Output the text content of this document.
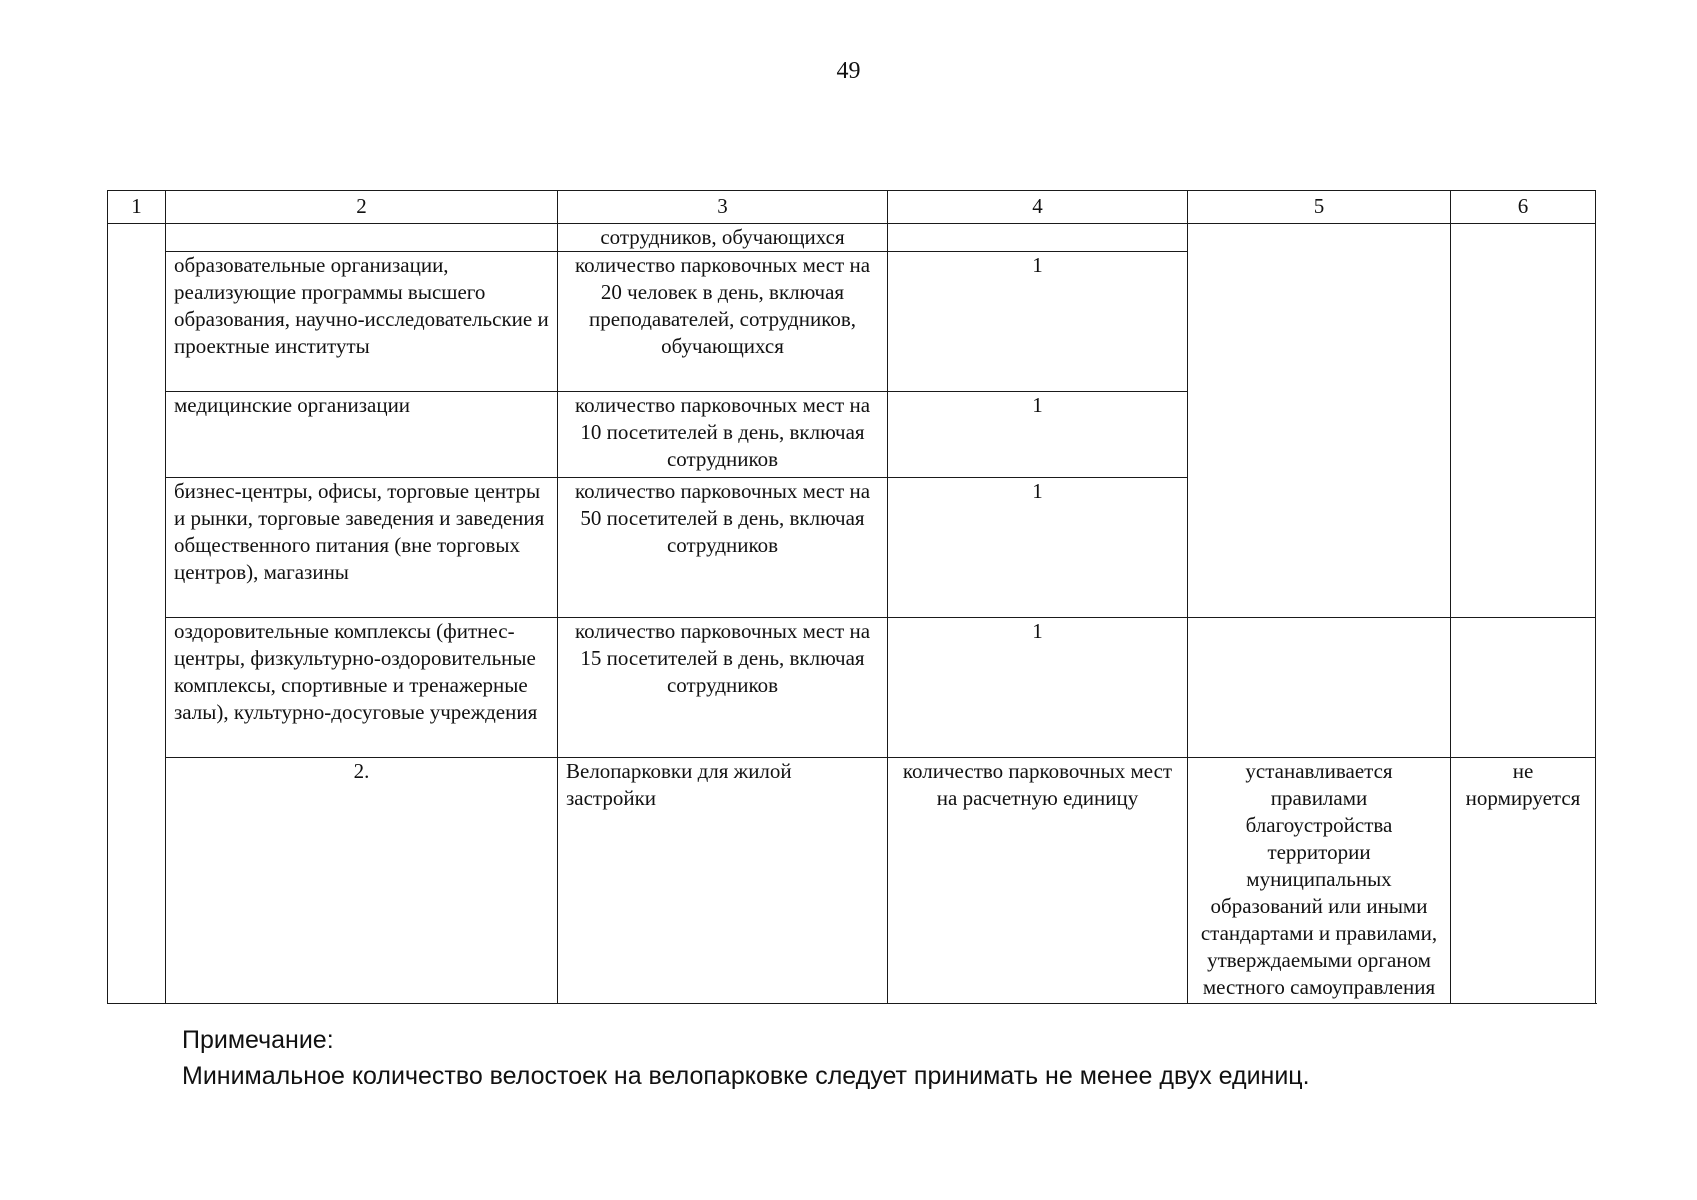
49
1	2	3	4	5	6
		сотрудников, обучающихся			
	образовательные организации, реализующие программы высшего образования, научно-исследовательские и проектные институты	количество парковочных мест на 20 человек в день, включая преподавателей, сотрудников, обучающихся	1		
	медицинские организации	количество парковочных мест на 10 посетителей в день, включая сотрудников	1		
	бизнес-центры, офисы, торговые центры и рынки, торговые заведения и заведения общественного питания (вне торговых центров), магазины	количество парковочных мест на 50 посетителей в день, включая сотрудников	1		
	оздоровительные комплексы (фитнес-центры, физкультурно-оздоровительные комплексы, спортивные и тренажерные залы), культурно-досуговые учреждения	количество парковочных мест на 15 посетителей в день, включая сотрудников	1		
	2.	Велопарковки для жилой застройки	количество парковочных мест на расчетную единицу	устанавливается правилами благоустройства территории муниципальных образований или иными стандартами и правилами, утверждаемыми органом местного самоуправления	не нормируется
Примечание:
Минимальное количество велостоек на велопарковке следует принимать не менее двух единиц.
